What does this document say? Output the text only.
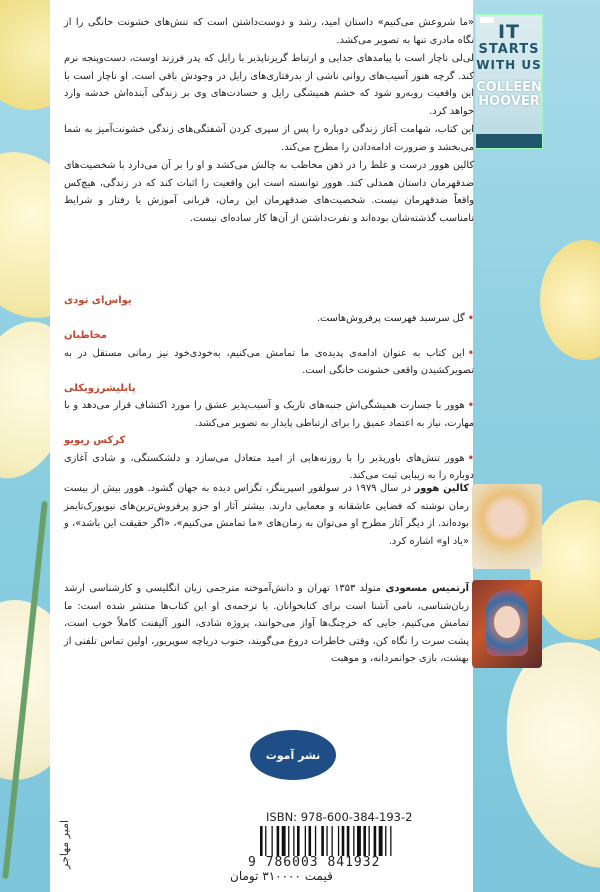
IT
STARTS
WITH US
COLLEEN
HOOVER

«ما شروعش می‌کنیم» داستان امید، رشد و دوست‌داشتن است که تنش‌های خشونت خانگی را از نگاه مادری تنها به تصویر می‌کشد.

لی‌لی ناچار است با پیامدهای جدایی و ارتباط گریزناپذیر با رایل که پدر فرزند اوست، دست‌وپنجه نرم کند. گرچه هنوز آسیب‌های روانی ناشی از بدرفتاری‌های رایل در وجودش باقی است. او ناچار است با این واقعیت روبه‌رو شود که خشم همیشگی رایل و حسادت‌های وی بر زندگی آینده‌اش خدشه وارد خواهد کرد.

این کتاب، شهامت آغاز زندگی دوباره را پس از سپری کردن آشفتگی‌های زندگی خشونت‌آمیز به شما می‌بخشد و ضرورت ادامه‌دادن را مطرح می‌کند.

کالین هوور درست و غلط را در ذهن مخاطب به چالش می‌کشد و او را بر آن می‌دارد با شخصیت‌های ضدقهرمان داستان همدلی کند. هوور توانسته است این واقعیت را اثبات کند که در زندگی، هیچ‌کس واقعاً ضدقهرمان نیست. شخصیت‌های ضدقهرمان این رمان، قربانی آموزش یا رفتار و شرایط نامناسب گذشته‌شان بوده‌اند و نفرت‌داشتن از آن‌ها کار ساده‌ای نیست.

یواس‌ای تودی
•گل سرسبد فهرست پرفروش‌هاست.
مخاطبان
•این کتاب به عنوان ادامه‌ی پدیده‌ی ما تمامش می‌کنیم، به‌خودی‌خود نیز رمانی مستقل در به تصویرکشیدن واقعی خشونت خانگی است.
پابلیشرزویکلی
•هوور با جسارت همیشگی‌اش جنبه‌های تاریک و آسیب‌پذیر عشق را مورد اکتشاف قرار می‌دهد و با مهارت، نیاز به اعتماد عمیق را برای ارتباطی پایدار به تصویر می‌کشد.
کرکس ریویو
•هوور تنش‌های باورپذیر را با روزنه‌هایی از امید متعادل می‌سازد و دلشکستگی، و شادی آغازی دوباره را به زیبایی ثبت می‌کند.
کالین هوور در سال ۱۹۷۹ در سولفور اسپرینگز، تگزاس دیده به جهان گشود. هوور بیش از بیست رمان نوشته که فضایی عاشقانه و معمایی دارند. بیشتر آثار او جزو پرفروش‌ترین‌های نیویورک‌تایمز بوده‌اند. از دیگر آثار مطرح او می‌توان به رمان‌های «ما تمامش می‌کنیم»، «اگر حقیقت این باشد»، و «یاد او» اشاره کرد.
آرتمیس مسعودی متولد ۱۳۵۳ تهران و دانش‌آموخته مترجمی زبان انگلیسی و کارشناسی ارشد زبان‌شناسی، نامی آشنا است برای کتابخوانان. با ترجمه‌ی او این کتاب‌ها منتشر شده است: ما تمامش می‌کنیم، جایی که خرچنگ‌ها آواز می‌خوانند، پروژه شادی، النور آلیفنت کاملاً خوب است، پشت سرت را نگاه کن، وقتی خاطرات دروغ می‌گویند، جنوب دریاچه سوپریور، اولین تماس تلفنی از بهشت، بازی جوانمردانه، و موهبت
نشر آموت
ISBN: 978-600-384-193-2
9 786003 841932
قیمت ۳۱۰۰۰۰ تومان
امیر مهاجر
